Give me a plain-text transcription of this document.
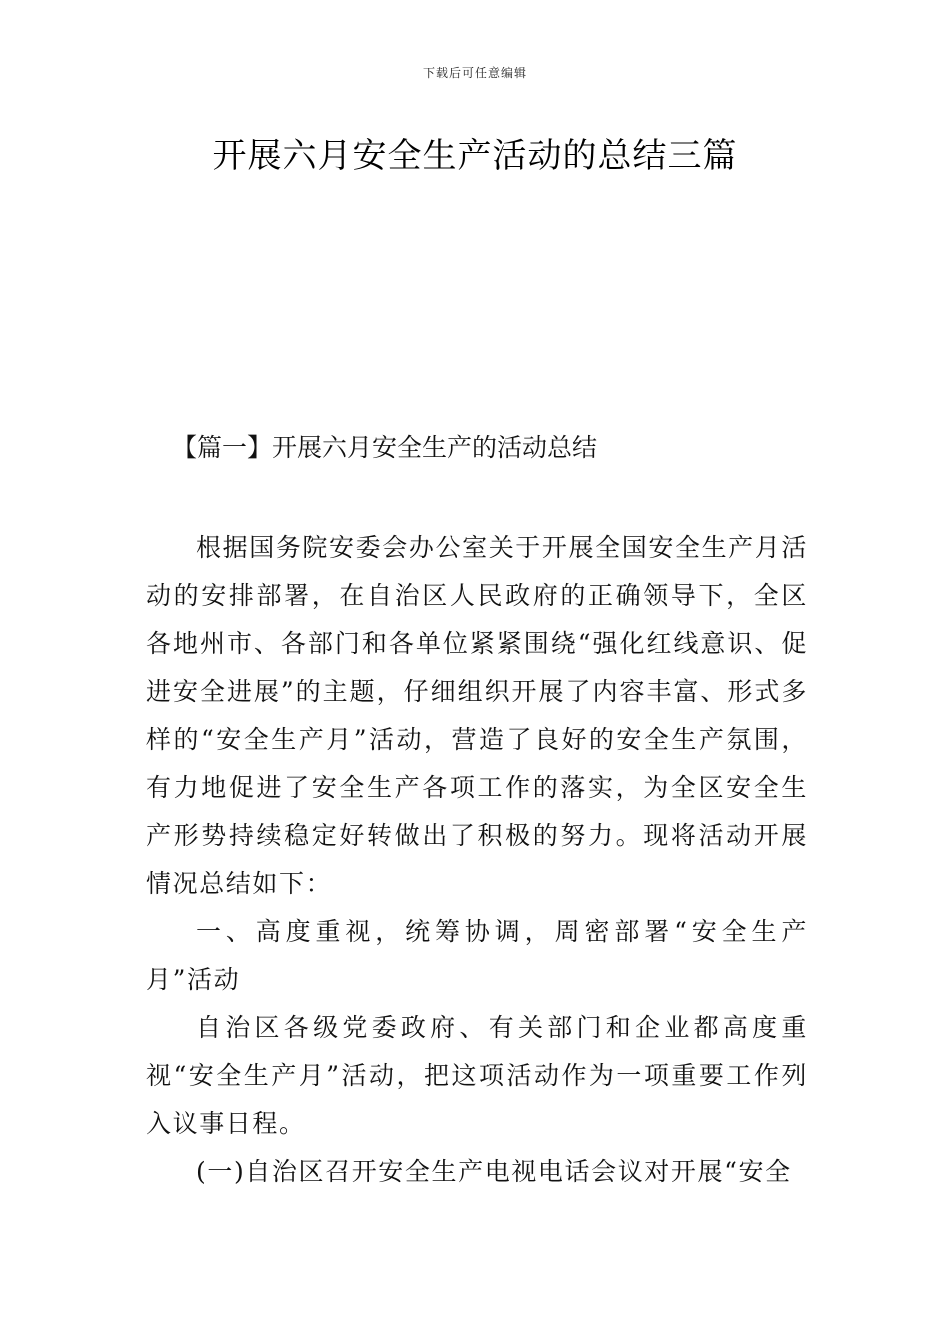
下载后可任意编辑
开展六月安全生产活动的总结三篇
【篇一】开展六月安全生产的活动总结

根据国务院安委会办公室关于开展全国安全生产月活动的安排部署，在自治区人民政府的正确领导下，全区各地州市、各部门和各单位紧紧围绕“强化红线意识、促进安全进展”的主题，仔细组织开展了内容丰富、形式多样的“安全生产月”活动，营造了良好的安全生产氛围，有力地促进了安全生产各项工作的落实，为全区安全生产形势持续稳定好转做出了积极的努力。现将活动开展情况总结如下：

一、高度重视，统筹协调，周密部署“安全生产月”活动

自治区各级党委政府、有关部门和企业都高度重视“安全生产月”活动，把这项活动作为一项重要工作列入议事日程。

(一)自治区召开安全生产电视电话会议对开展“安全
